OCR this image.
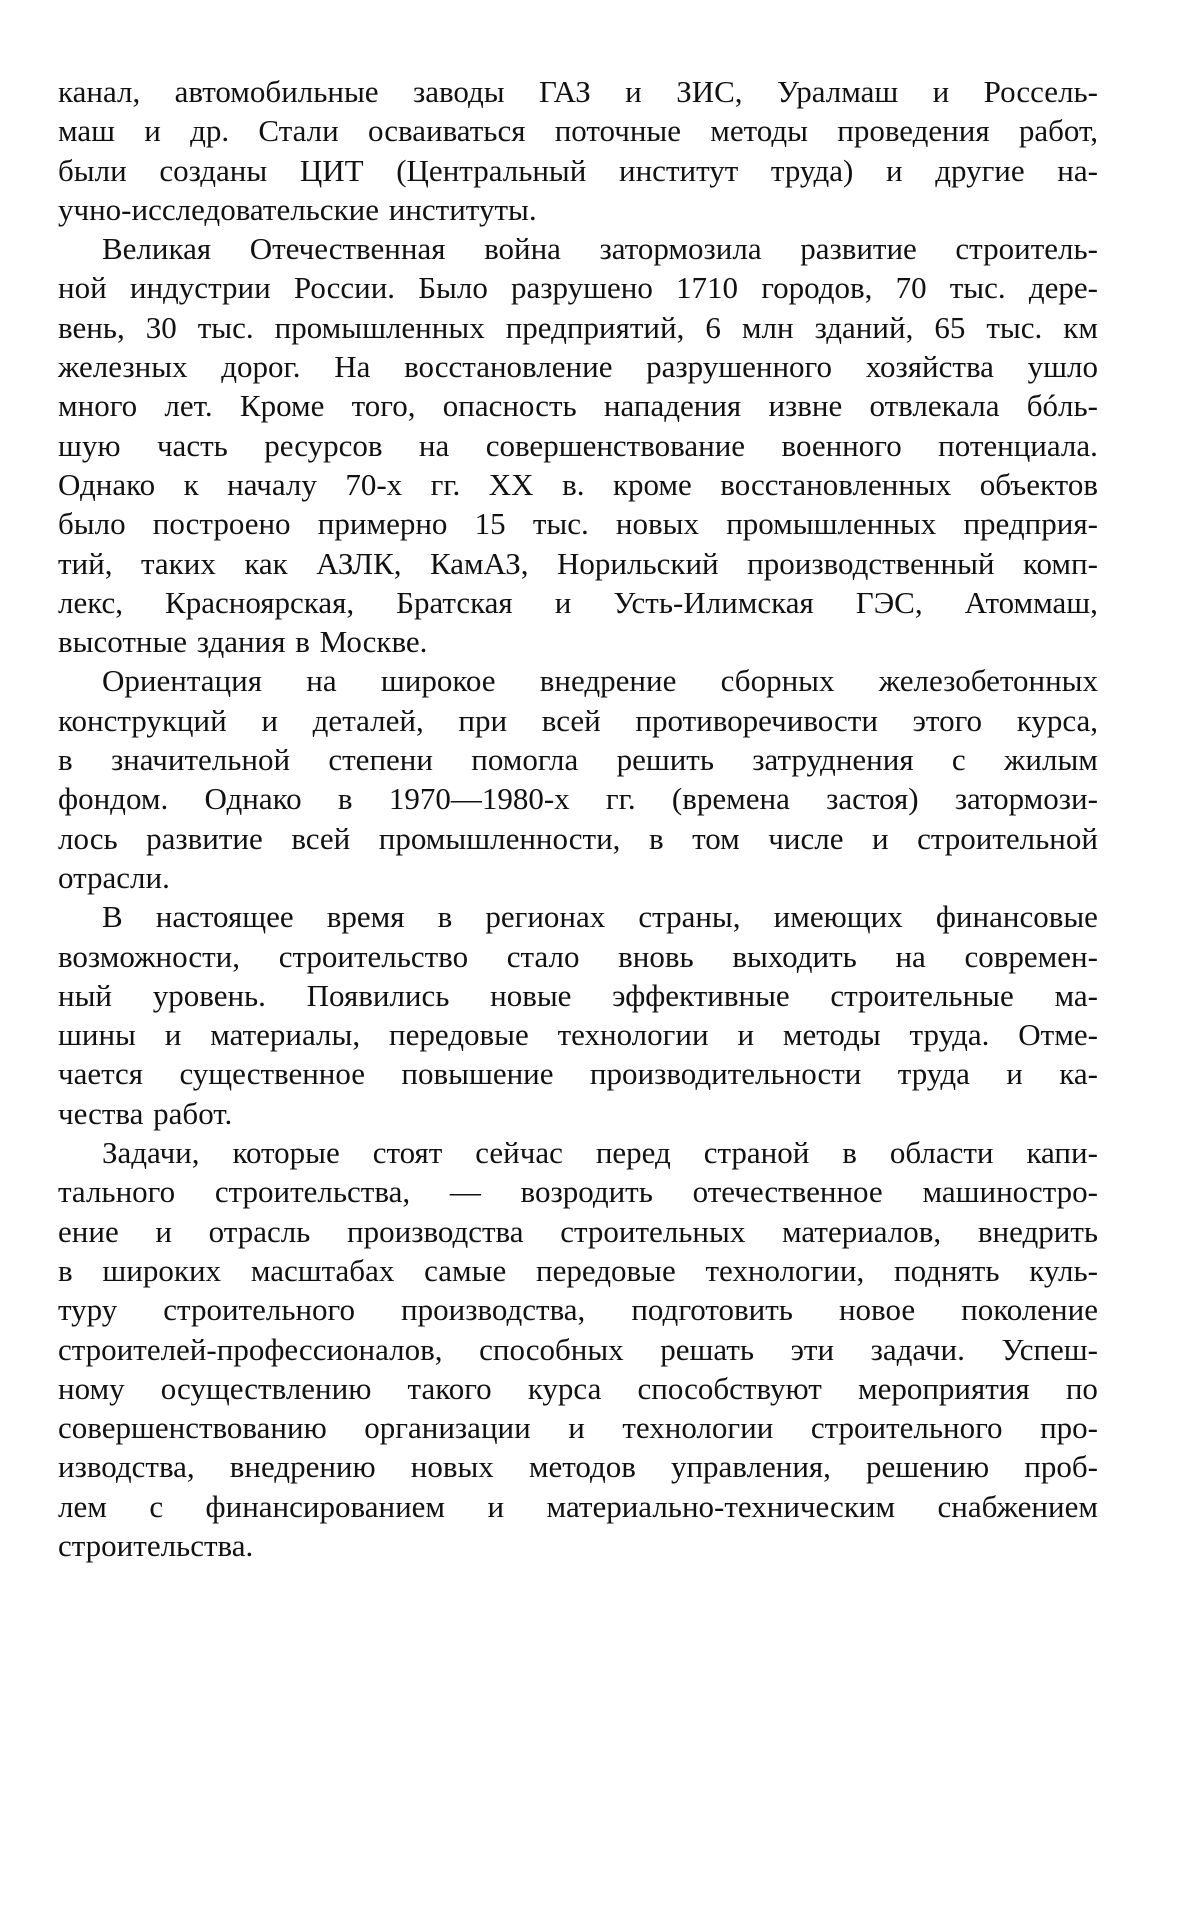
канал, автомобильные заводы ГАЗ и ЗИС, Уралмаш и Россель-
маш и др. Стали осваиваться поточные методы проведения работ,
были созданы ЦИТ (Центральный институт труда) и другие на-
учно-исследовательские институты.
Великая Отечественная война затормозила развитие строитель-
ной индустрии России. Было разрушено 1710 городов, 70 тыс. дере-
вень, 30 тыс. промышленных предприятий, 6 млн зданий, 65 тыс. км
железных дорог. На восстановление разрушенного хозяйства ушло
много лет. Кроме того, опасность нападения извне отвлекала бóль-
шую часть ресурсов на совершенствование военного потенциала.
Однако к началу 70-х гг. XX в. кроме восстановленных объектов
было построено примерно 15 тыс. новых промышленных предприя-
тий, таких как АЗЛК, КамАЗ, Норильский производственный комп-
лекс, Красноярская, Братская и Усть-Илимская ГЭС, Атоммаш,
высотные здания в Москве.
Ориентация на широкое внедрение сборных железобетонных
конструкций и деталей, при всей противоречивости этого курса,
в значительной степени помогла решить затруднения с жилым
фондом. Однако в 1970—1980-х гг. (времена застоя) затормози-
лось развитие всей промышленности, в том числе и строительной
отрасли.
В настоящее время в регионах страны, имеющих финансовые
возможности, строительство стало вновь выходить на современ-
ный уровень. Появились новые эффективные строительные ма-
шины и материалы, передовые технологии и методы труда. Отме-
чается существенное повышение производительности труда и ка-
чества работ.
Задачи, которые стоят сейчас перед страной в области капи-
тального строительства, — возродить отечественное машиностро-
ение и отрасль производства строительных материалов, внедрить
в широких масштабах самые передовые технологии, поднять куль-
туру строительного производства, подготовить новое поколение
строителей-профессионалов, способных решать эти задачи. Успеш-
ному осуществлению такого курса способствуют мероприятия по
совершенствованию организации и технологии строительного про-
изводства, внедрению новых методов управления, решению проб-
лем с финансированием и материально-техническим снабжением
строительства.
